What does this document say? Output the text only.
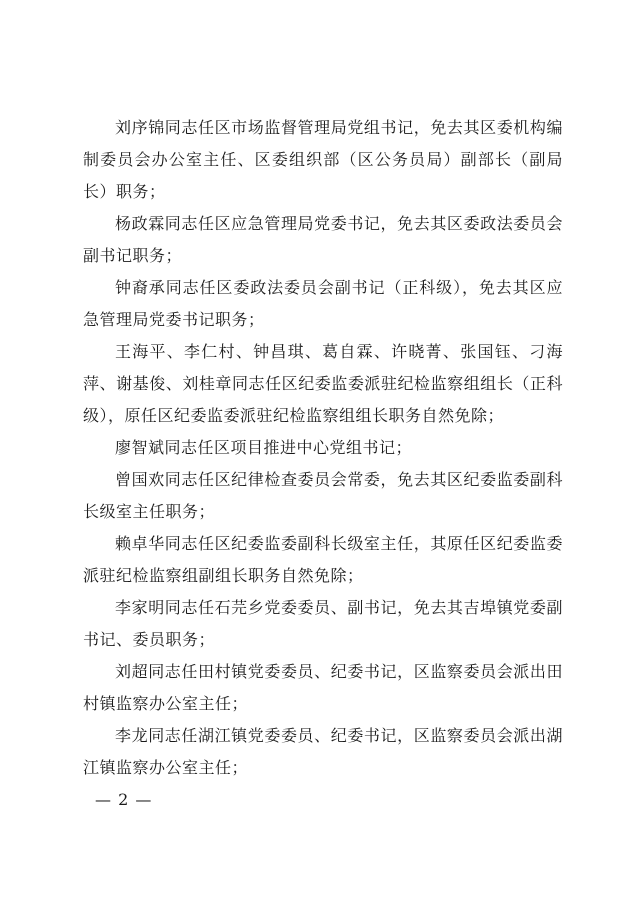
刘序锦同志任区市场监督管理局党组书记，免去其区委机构编制委员会办公室主任、区委组织部（区公务员局）副部长（副局长）职务；

杨政霖同志任区应急管理局党委书记，免去其区委政法委员会副书记职务；

钟裔承同志任区委政法委员会副书记（正科级），免去其区应急管理局党委书记职务；

王海平、李仁村、钟昌琪、葛自霖、许晓菁、张国钰、刁海萍、谢基俊、刘桂章同志任区纪委监委派驻纪检监察组组长（正科级），原任区纪委监委派驻纪检监察组组长职务自然免除；

廖智斌同志任区项目推进中心党组书记；

曾国欢同志任区纪律检查委员会常委，免去其区纪委监委副科长级室主任职务；

赖卓华同志任区纪委监委副科长级室主任，其原任区纪委监委派驻纪检监察组副组长职务自然免除；

李家明同志任石芫乡党委委员、副书记，免去其吉埠镇党委副书记、委员职务；

刘超同志任田村镇党委委员、纪委书记，区监察委员会派出田村镇监察办公室主任；

李龙同志任湖江镇党委委员、纪委书记，区监察委员会派出湖江镇监察办公室主任；

— 2 —
